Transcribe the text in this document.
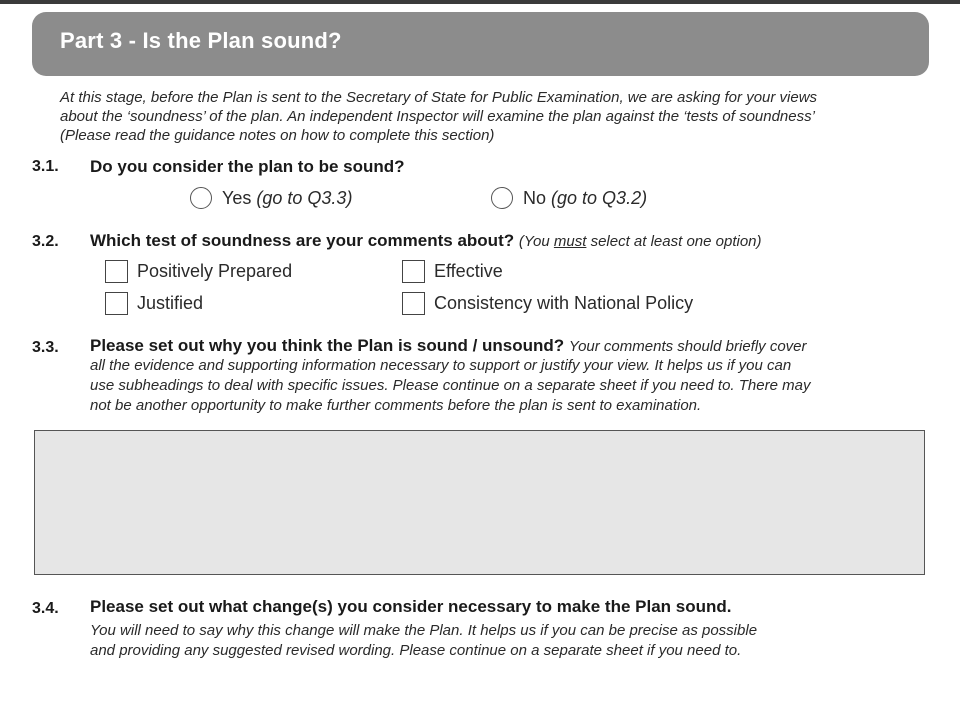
Part 3 - Is the Plan sound?
At this stage, before the Plan is sent to the Secretary of State for Public Examination, we are asking for your views
about the ‘soundness’ of the plan. An independent Inspector will examine the plan against the ‘tests of soundness’
(Please read the guidance notes on how to complete this section)
3.1. Do you consider the plan to be sound?
Yes
(go to Q3.3)	No
(go to Q3.2)
3.2. Which test of soundness are your comments about? (You must select at least one option)
Positively Prepared	Effective
Justified	Consistency with National Policy
3.3. Please set out why you think the Plan is sound / unsound? Your comments should briefly cover
all the evidence and supporting information necessary to support or justify your view. It helps us if you can
use subheadings to deal with specific issues. Please continue on a separate sheet if you need to. There may
not be another opportunity to make further comments before the plan is sent to examination.
3.4. Please set out what change(s) you consider necessary to make the Plan sound.
You will need to say why this change will make the Plan. It helps us if you can be precise as possible
and providing any suggested revised wording. Please continue on a separate sheet if you need to.
